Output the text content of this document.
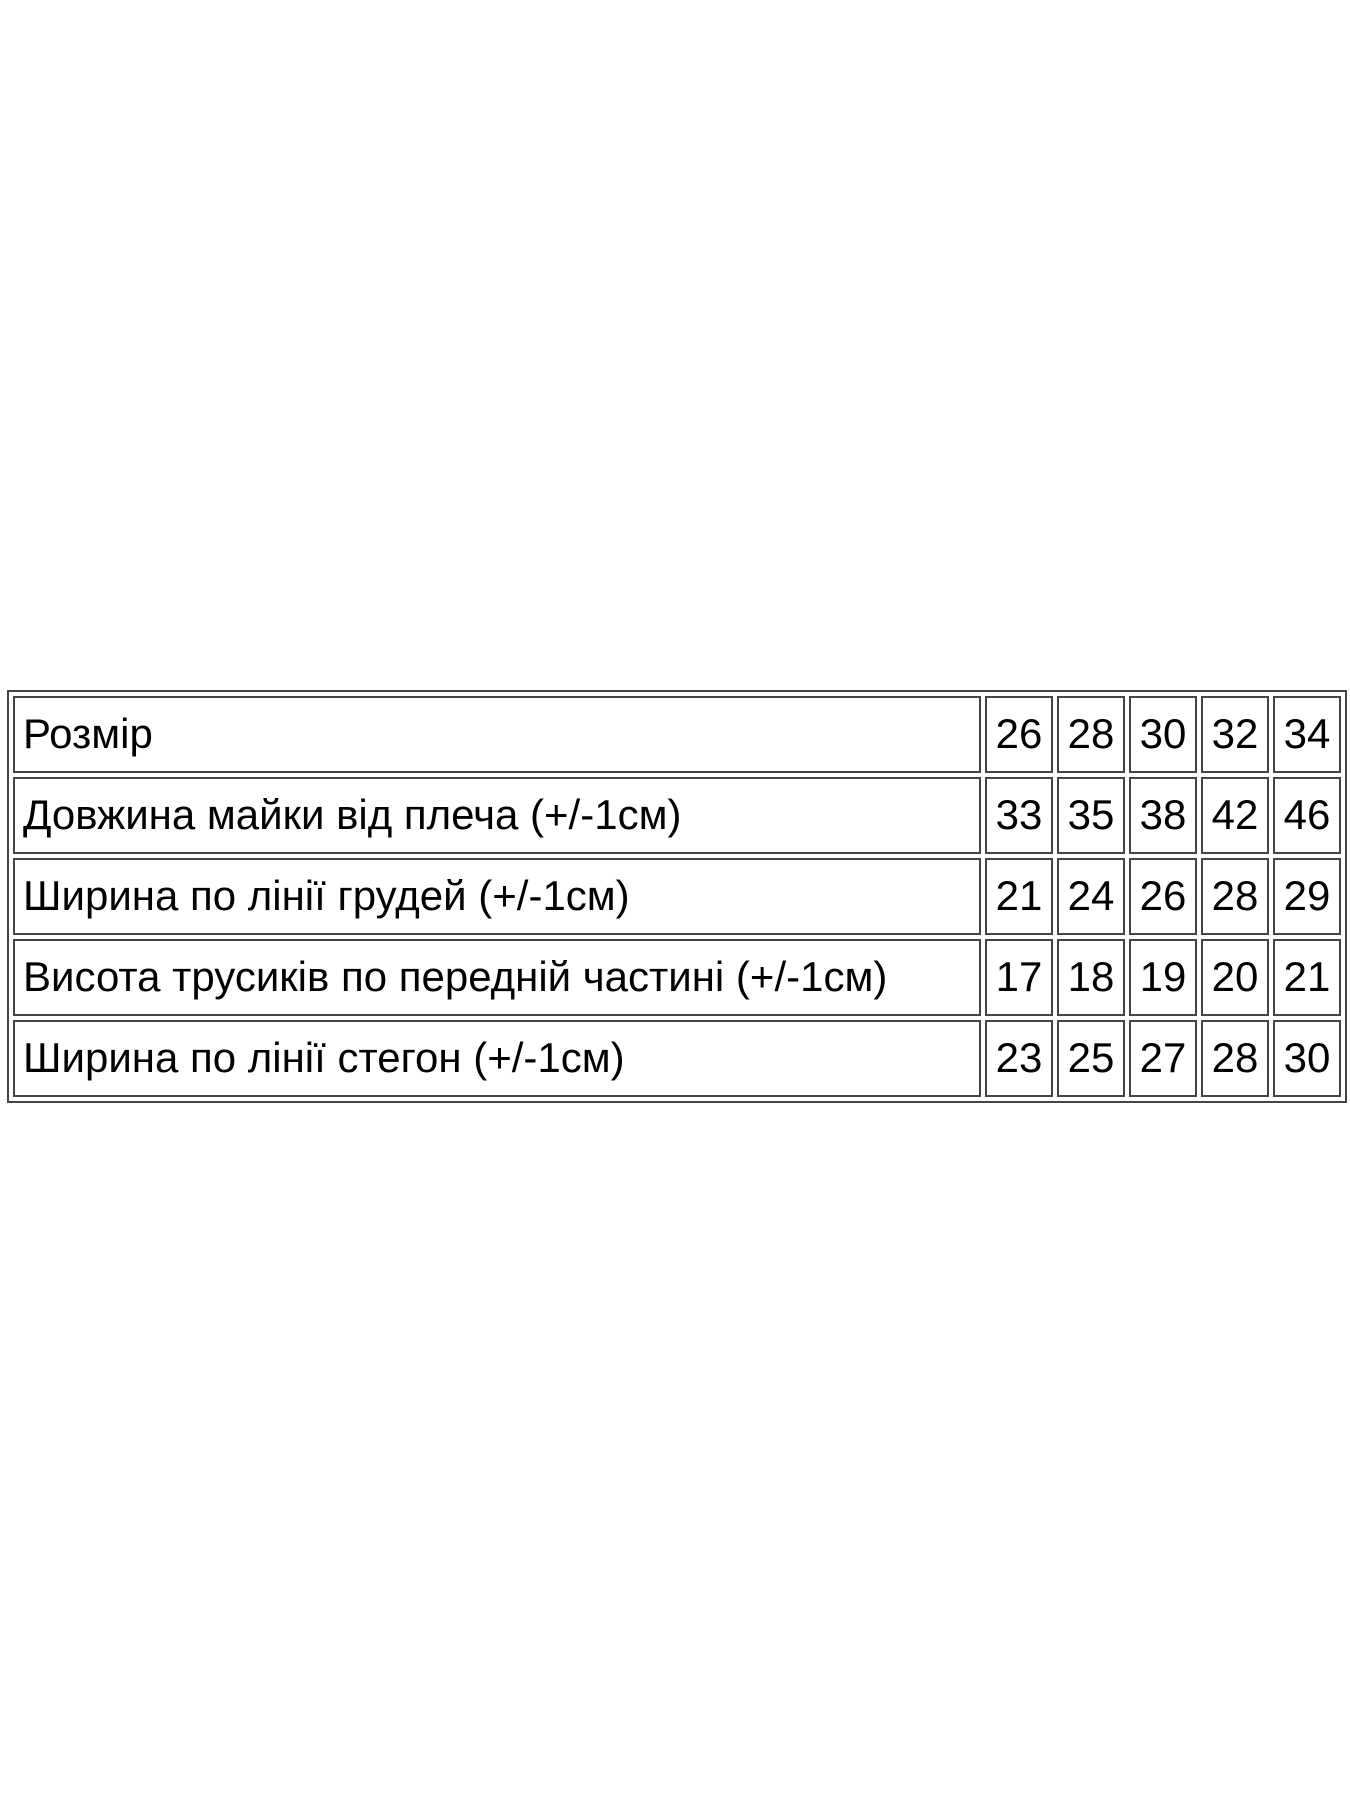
Розмір	26	28	30	32	34
Довжина майки від плеча (+/-1см)	33	35	38	42	46
Ширина по лінії грудей (+/-1см)	21	24	26	28	29
Висота трусиків по передній частині (+/-1см)	17	18	19	20	21
Ширина по лінії стегон (+/-1см)	23	25	27	28	30
